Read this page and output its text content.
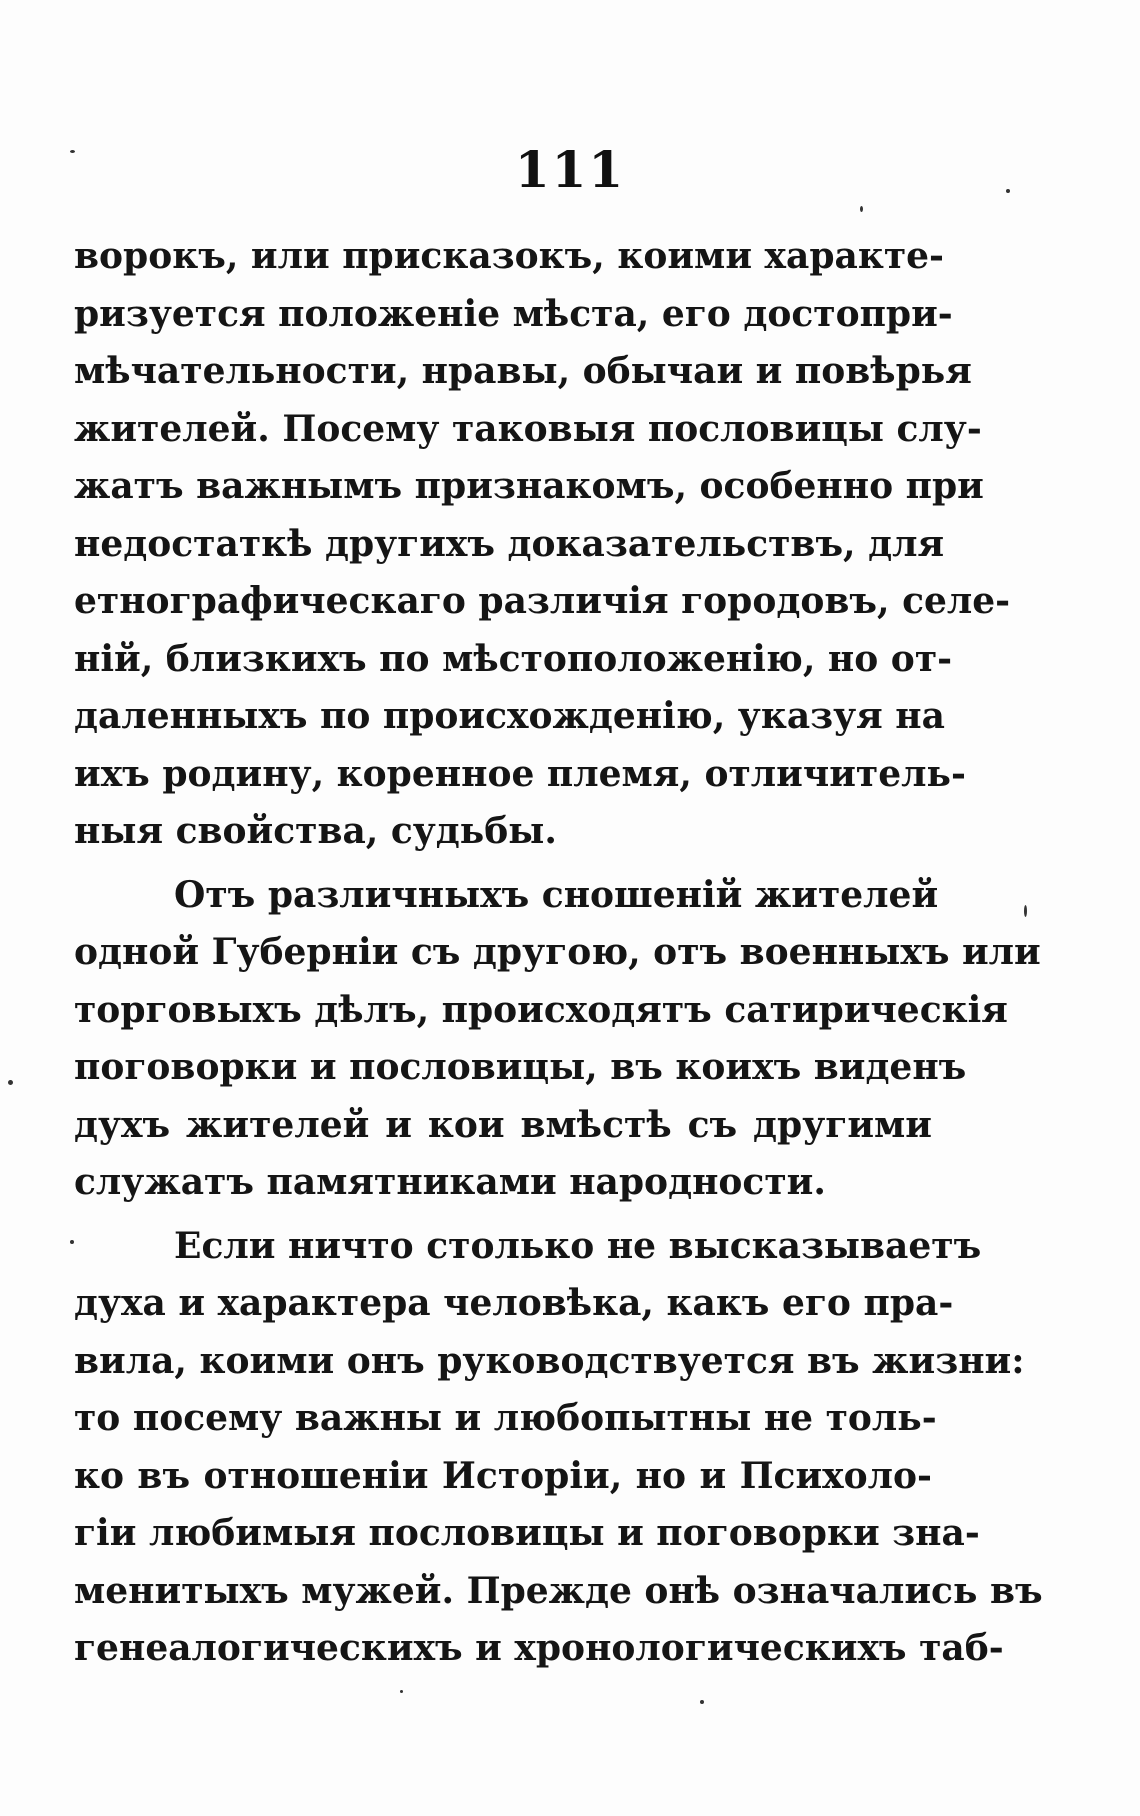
111
ворокъ, или присказокъ, коими характе-
ризуется положеніе мѣста, его достопри-
мѣчательности, нравы, обычаи и повѣрья
жителей. Посему таковыя пословицы слу-
жатъ важнымъ признакомъ, особенно при
недостаткѣ другихъ доказательствъ, для
етнографическаго различія городовъ, селе-
ній, близкихъ по мѣстоположенію, но от-
даленныхъ по происхожденію, указуя на
ихъ родину, коренное племя, отличитель-
ныя свойства, судьбы.
Отъ различныхъ сношеній жителей
одной Губерніи съ другою, отъ военныхъ или
торговыхъ дѣлъ, происходятъ сатирическія
поговорки и пословицы, въ коихъ виденъ
духъ жителей и кои вмѣстѣ съ другими
служатъ памятниками народности.
Если ничто столько не высказываетъ
духа и характера человѣка, какъ его пра-
вила, коими онъ руководствуется въ жизни:
то посему важны и любопытны не толь-
ко въ отношеніи Исторіи, но и Психоло-
гіи любимыя пословицы и поговорки зна-
менитыхъ мужей. Прежде онѣ означались въ
генеалогическихъ и хронологическихъ таб-
